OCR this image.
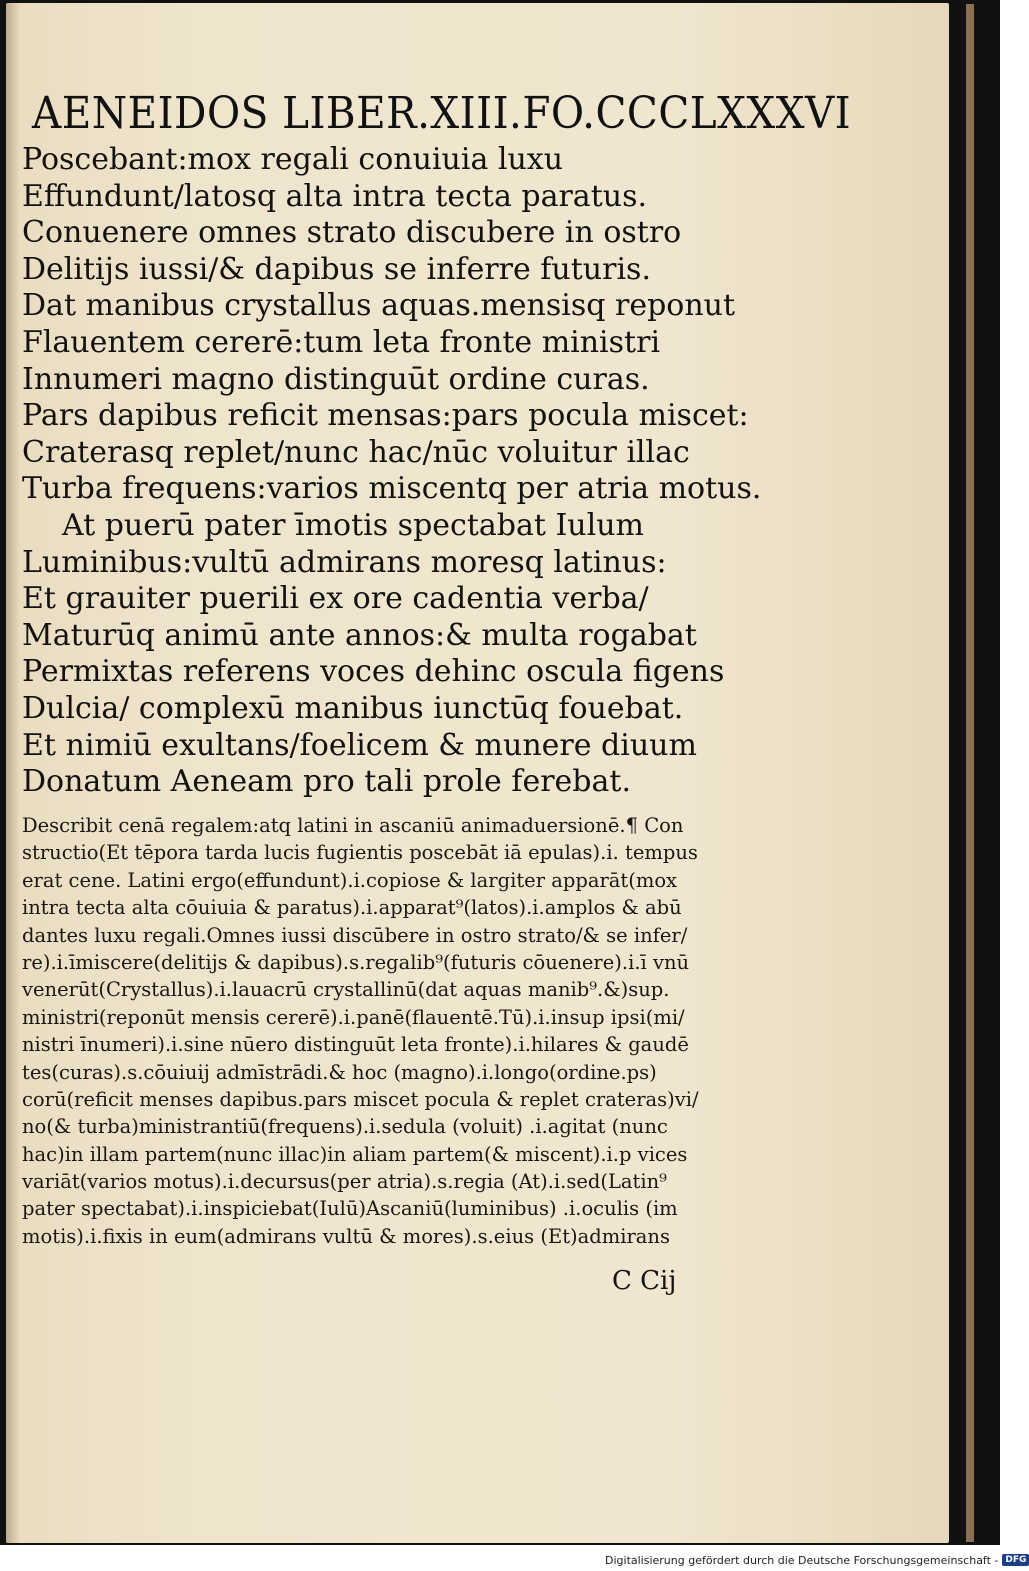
AENEIDOS LIBER.XIII.FO.CCCLXXXVI
Poscebant:mox regali conuiuia luxu
Effundunt/latosq alta intra tecta paratus.
Conuenere omnes strato discubere in ostro
Delitijs iussi/& dapibus se inferre futuris.
Dat manibus crystallus aquas.mensisq reponut
Flauentem cererē:tum leta fronte ministri
Innumeri magno distinguūt ordine curas.
Pars dapibus reficit mensas:pars pocula miscet:
Craterasq replet/nunc hac/nūc voluitur illac
Turba frequens:varios miscentq per atria motus.
At puerū pater īmotis spectabat Iulum
Luminibus:vultū admirans moresq latinus:
Et grauiter puerili ex ore cadentia verba/
Maturūq animū ante annos:& multa rogabat
Permixtas referens voces dehinc oscula figens
Dulcia/ complexū manibus iunctūq fouebat.
Et nimiū exultans/foelicem & munere diuum
Donatum Aeneam pro tali prole ferebat.
Describit cenā regalem:atq latini in ascaniū animaduersionē.¶ Con
structio(Et tēpora tarda lucis fugientis poscebāt iā epulas).i. tempus
erat cene. Latini ergo(effundunt).i.copiose & largiter apparāt(mox
intra tecta alta cōuiuia & paratus).i.apparat⁹(latos).i.amplos & abū
dantes luxu regali.Omnes iussi discūbere in ostro strato/& se infer/
re).i.īmiscere(delitijs & dapibus).s.regalib⁹(futuris cōuenere).i.ī vnū
venerūt(Crystallus).i.lauacrū crystallinū(dat aquas manib⁹.&)sup.
ministri(reponūt mensis cererē).i.panē(flauentē.Tū).i.insup ipsi(mi/
nistri īnumeri).i.sine nūero distinguūt leta fronte).i.hilares & gaudē
tes(curas).s.cōuiuij admīstrādi.& hoc (magno).i.longo(ordine.ps)
corū(reficit menses dapibus.pars miscet pocula & replet crateras)vi/
no(& turba)ministrantiū(frequens).i.sedula (voluit) .i.agitat (nunc
hac)in illam partem(nunc illac)in aliam partem(& miscent).i.p vices
variāt(varios motus).i.decursus(per atria).s.regia (At).i.sed(Latin⁹
pater spectabat).i.inspiciebat(Iulū)Ascaniū(luminibus) .i.oculis (im
motis).i.fixis in eum(admirans vultū & mores).s.eius (Et)admirans
C Cij
Digitalisierung gefördert durch die Deutsche Forschungsgemeinschaft - DFG
